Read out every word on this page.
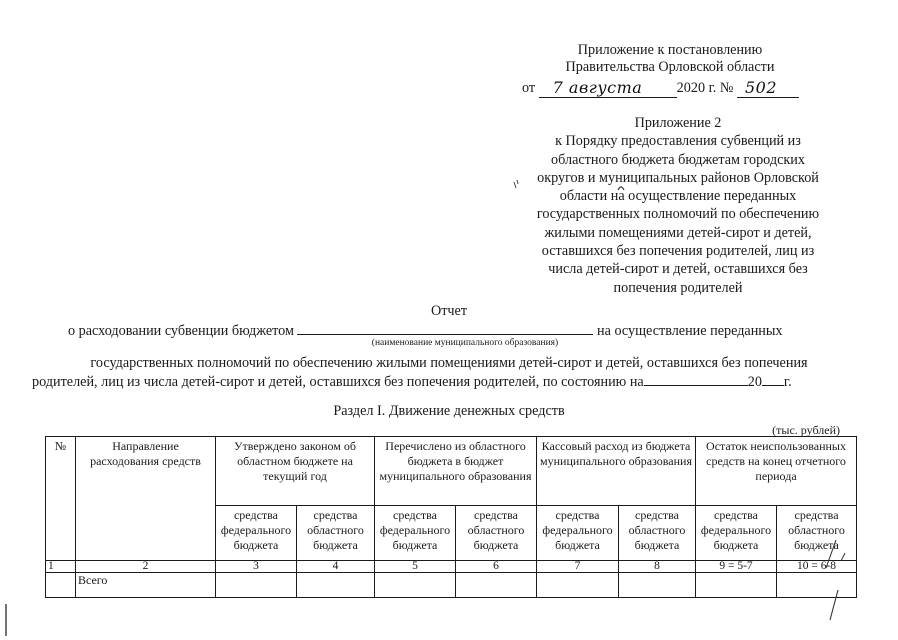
Приложение к постановлению
Правительства Орловской области
от 7 августа 2020 г. № 502
Приложение 2
к Порядку предоставления субвенций из
областного бюджета бюджетам городских
округов и муниципальных районов Орловской
области на осуществление переданных
государственных полномочий по обеспечению
жилыми помещениями детей-сирот и детей,
оставшихся без попечения родителей, лиц из
числа детей-сирот и детей, оставшихся без
попечения родителей
Отчет
о расходовании субвенции бюджетом	на осуществление переданных
(наименование муниципального образования)
государственных полномочий по обеспечению жилыми помещениями детей-сирот и детей, оставшихся без попечения
родителей, лиц из числа детей-сирот и детей, оставшихся без попечения родителей, по состоянию на	20 г.
Раздел I. Движение денежных средств
(тыс. рублей)
№	Направление расходования средств	Утверждено законом об областном бюджете на текущий год		Перечислено из областного бюджета в бюджет муниципального образования		Кассовый расход из бюджета муниципального образования		Остаток неиспользованных средств на конец отчетного периода	
		средства федерального бюджета	средства областного бюджета	средства федерального бюджета	средства областного бюджета	средства федерального бюджета	средства областного бюджета	средства федерального бюджета	средства областного бюджета
1	2	3	4	5	6	7	8	9 = 5-7	10 = 6-8
	Всего								
